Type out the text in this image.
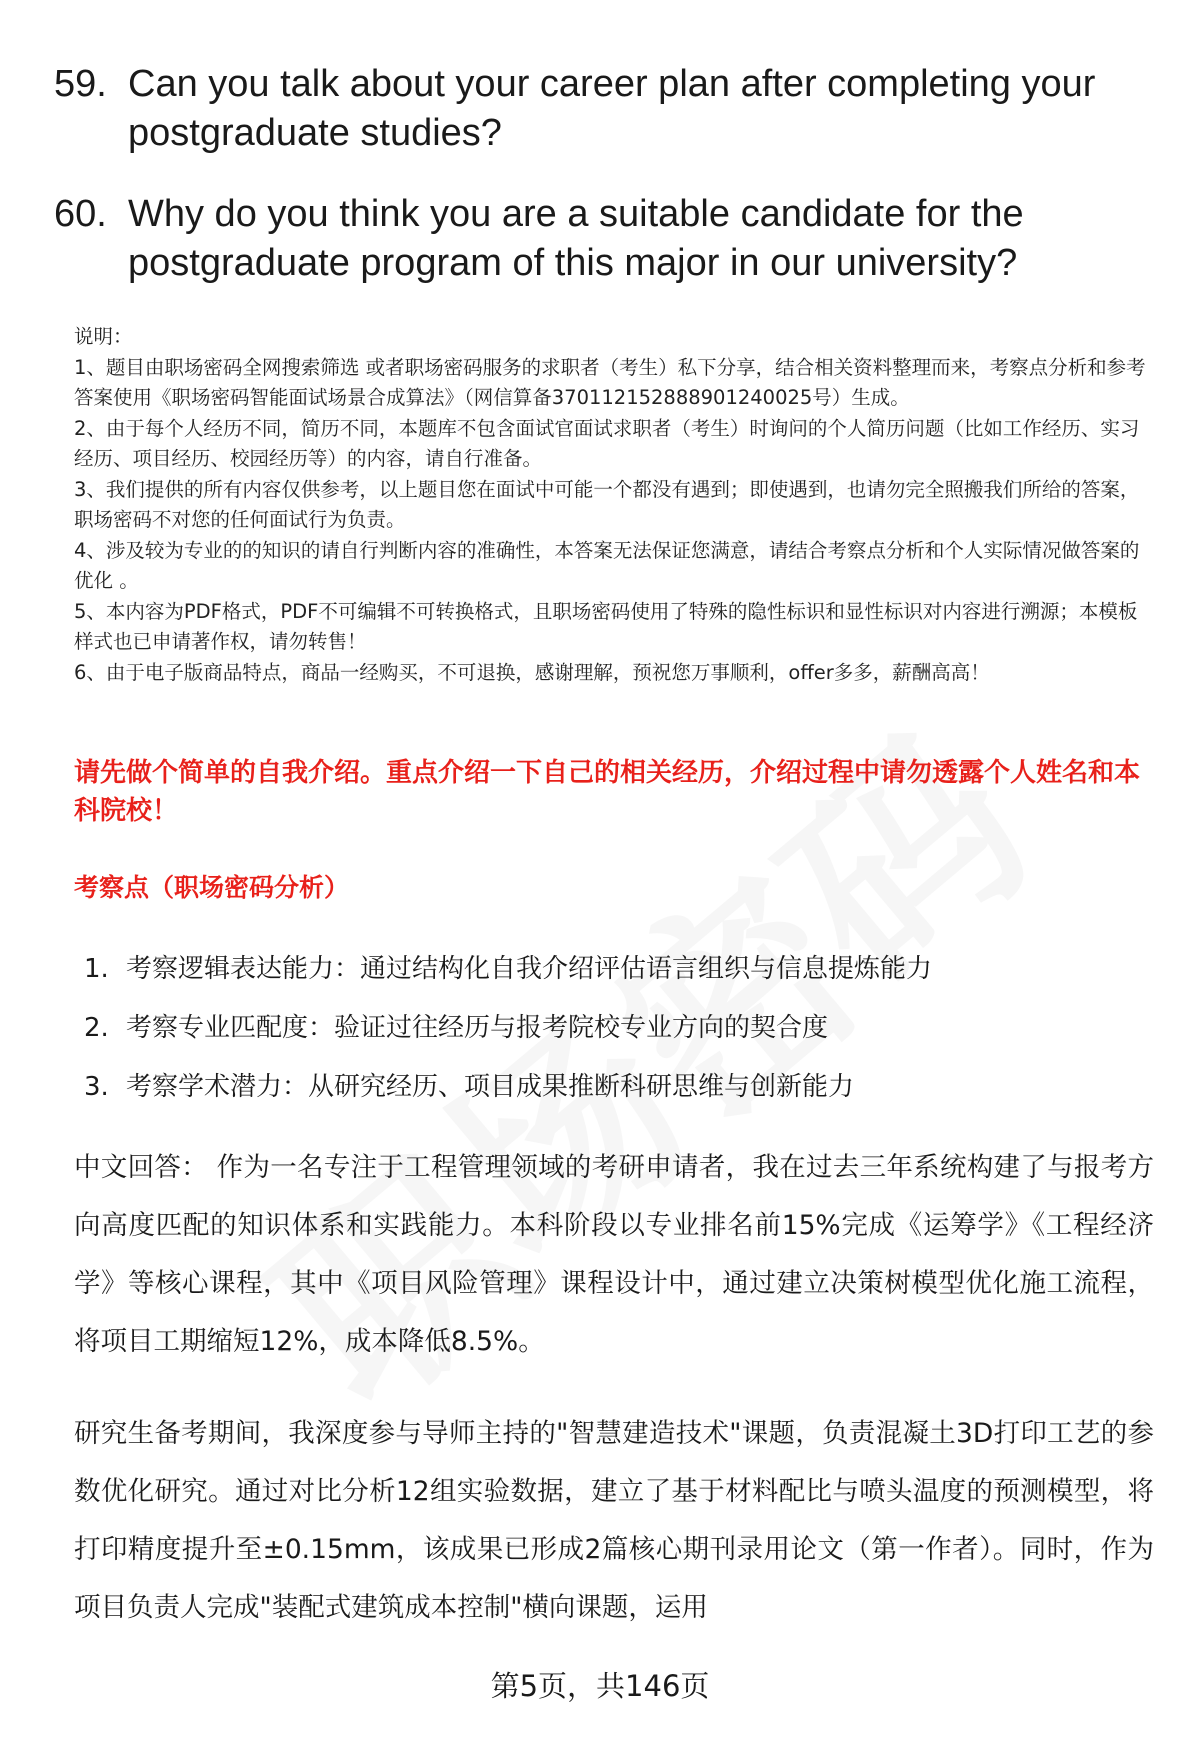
59. Can you talk about your career plan after completing your postgraduate studies?
60. Why do you think you are a suitable candidate for the postgraduate program of this major in our university?
说明：
1、题目由职场密码全网搜索筛选 或者职场密码服务的求职者（考生）私下分享，结合相关资料整理而来，考察点分析和参考答案使用《职场密码智能面试场景合成算法》（网信算备370112152888901240025号）生成。
2、由于每个人经历不同，简历不同，本题库不包含面试官面试求职者（考生）时询问的个人简历问题（比如工作经历、实习经历、项目经历、校园经历等）的内容，请自行准备。
3、我们提供的所有内容仅供参考，以上题目您在面试中可能一个都没有遇到；即使遇到，也请勿完全照搬我们所给的答案，职场密码不对您的任何面试行为负责。
4、涉及较为专业的的知识的请自行判断内容的准确性，本答案无法保证您满意，请结合考察点分析和个人实际情况做答案的优化 。
5、本内容为PDF格式，PDF不可编辑不可转换格式，且职场密码使用了特殊的隐性标识和显性标识对内容进行溯源；本模板样式也已申请著作权，请勿转售！
6、由于电子版商品特点，商品一经购买，不可退换，感谢理解，预祝您万事顺利，offer多多，薪酬高高！
请先做个简单的自我介绍。重点介绍一下自己的相关经历，介绍过程中请勿透露个人姓名和本科院校！
考察点（职场密码分析）
1. 考察逻辑表达能力：通过结构化自我介绍评估语言组织与信息提炼能力
2. 考察专业匹配度：验证过往经历与报考院校专业方向的契合度
3. 考察学术潜力：从研究经历、项目成果推断科研思维与创新能力
中文回答： 作为一名专注于工程管理领域的考研申请者，我在过去三年系统构建了与报考方向高度匹配的知识体系和实践能力。本科阶段以专业排名前15%完成《运筹学》《工程经济学》等核心课程，其中《项目风险管理》课程设计中，通过建立决策树模型优化施工流程，将项目工期缩短12%，成本降低8.5%。
研究生备考期间，我深度参与导师主持的"智慧建造技术"课题，负责混凝土3D打印工艺的参数优化研究。通过对比分析12组实验数据，建立了基于材料配比与喷头温度的预测模型，将打印精度提升至±0.15mm，该成果已形成2篇核心期刊录用论文（第一作者）。同时，作为项目负责人完成"装配式建筑成本控制"横向课题，运用
第5页，共146页
